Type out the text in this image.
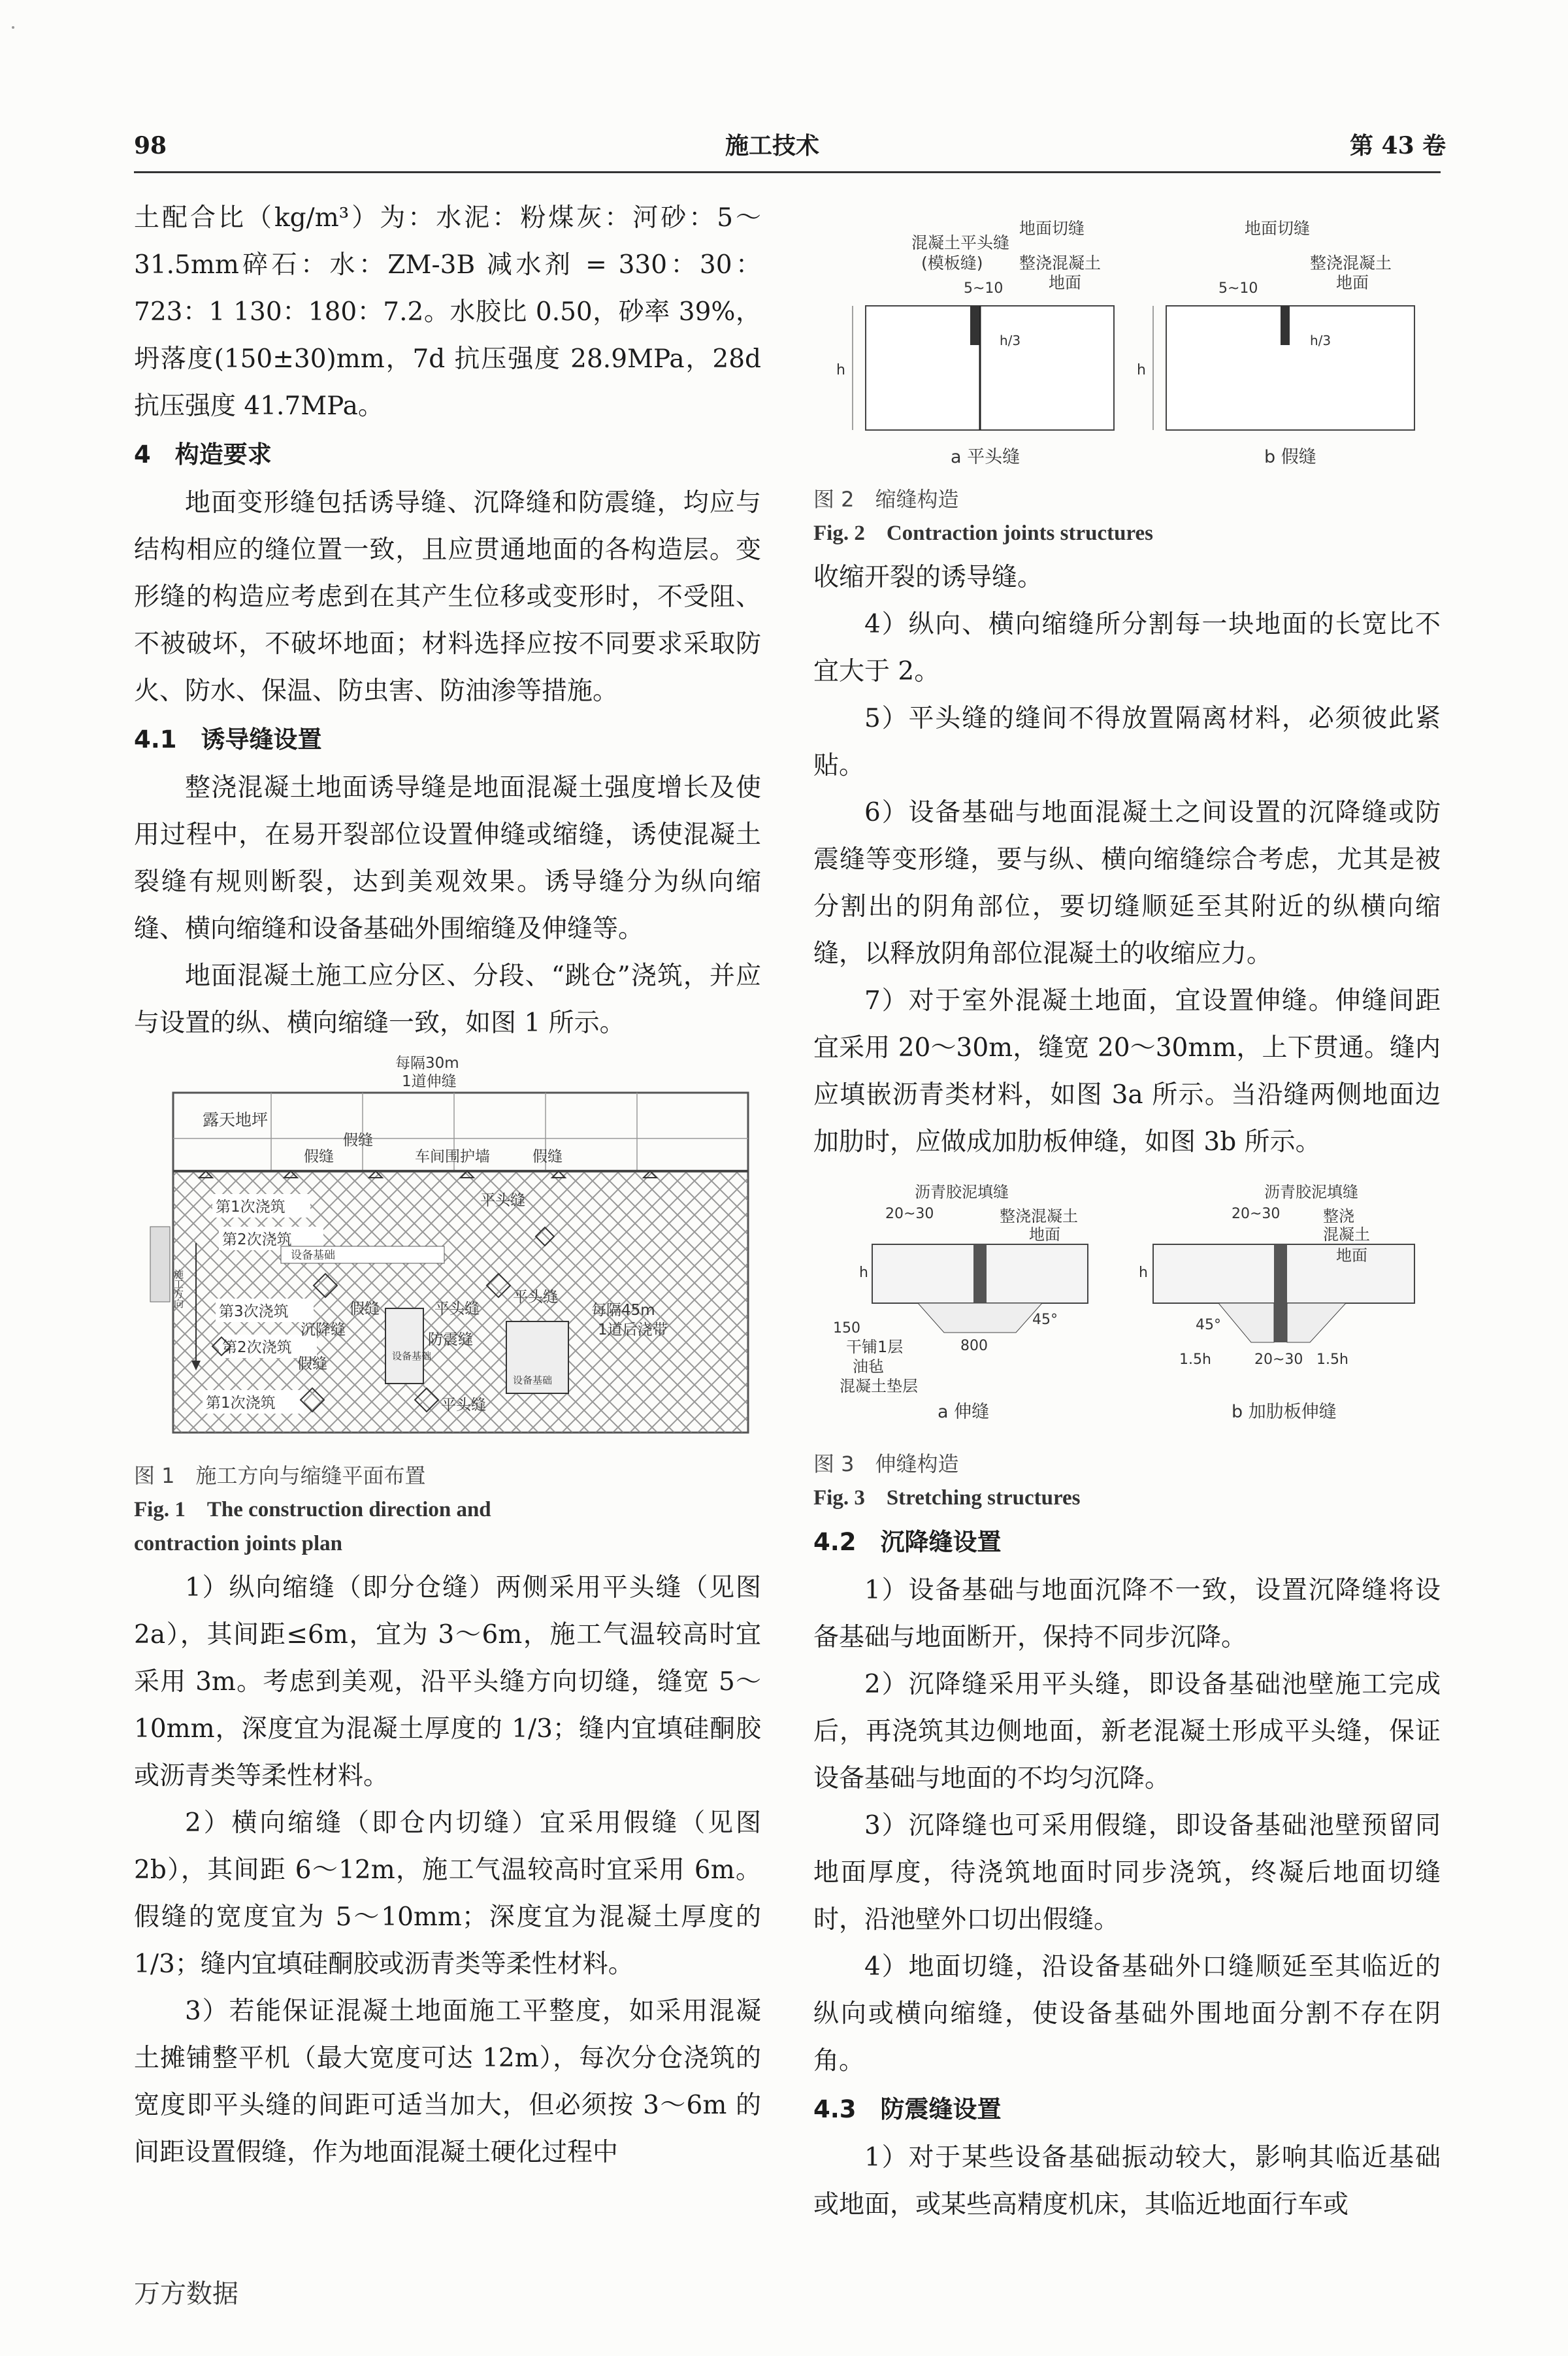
98	施工技术	第 43 卷

土配合比（kg/m³）为：水泥：粉煤灰：河砂：5～31.5mm碎石：水：ZM-3B 减水剂 = 330：30：723：1 130：180：7.2。水胶比 0.50，砂率 39%，坍落度(150±30)mm，7d 抗压强度 28.9MPa，28d 抗压强度 41.7MPa。

4　构造要求

地面变形缝包括诱导缝、沉降缝和防震缝，均应与结构相应的缝位置一致，且应贯通地面的各构造层。变形缝的构造应考虑到在其产生位移或变形时，不受阻、不被破坏，不破坏地面；材料选择应按不同要求采取防火、防水、保温、防虫害、防油渗等措施。

4.1　诱导缝设置

整浇混凝土地面诱导缝是地面混凝土强度增长及使用过程中，在易开裂部位设置伸缝或缩缝，诱使混凝土裂缝有规则断裂，达到美观效果。诱导缝分为纵向缩缝、横向缩缝和设备基础外围缩缝及伸缝等。

地面混凝土施工应分区、分段、“跳仓”浇筑，并应与设置的纵、横向缩缝一致，如图 1 所示。

设备基础
设备基础
设备基础
施工方向
每隔30m
1道伸缝
露天地坪
假缝
假缝	车间围护墙	假缝
第1次浇筑	平头缝
第2次浇筑
第3次浇筑	假缝	平头缝
平头缝
每隔45m
1道后浇带
沉降缝
防震缝
第2次浇筑
假缝
第1次浇筑	平头缝

图 1　施工方向与缩缝平面布置

Fig. 1　The construction direction and

contraction joints plan

1）纵向缩缝（即分仓缝）两侧采用平头缝（见图 2a），其间距≤6m，宜为 3～6m，施工气温较高时宜采用 3m。考虑到美观，沿平头缝方向切缝，缝宽 5～10mm，深度宜为混凝土厚度的 1/3；缝内宜填硅酮胶或沥青类等柔性材料。

2）横向缩缝（即仓内切缝）宜采用假缝（见图 2b），其间距 6～12m，施工气温较高时宜采用 6m。假缝的宽度宜为 5～10mm；深度宜为混凝土厚度的 1/3；缝内宜填硅酮胶或沥青类等柔性材料。

3）若能保证混凝土地面施工平整度，如采用混凝土摊铺整平机（最大宽度可达 12m），每次分仓浇筑的宽度即平头缝的间距可适当加大，但必须按 3～6m 的间距设置假缝，作为地面混凝土硬化过程中

h
h/3
混凝土平头缝
(模板缝)
地面切缝
5~10
整浇混凝土
地面
a 平头缝
h
h/3
地面切缝
5~10
整浇混凝土
地面
b 假缝

图 2　缩缝构造

Fig. 2　Contraction joints structures

收缩开裂的诱导缝。

4）纵向、横向缩缝所分割每一块地面的长宽比不宜大于 2。

5）平头缝的缝间不得放置隔离材料，必须彼此紧贴。

6）设备基础与地面混凝土之间设置的沉降缝或防震缝等变形缝，要与纵、横向缩缝综合考虑，尤其是被分割出的阴角部位，要切缝顺延至其附近的纵横向缩缝，以释放阴角部位混凝土的收缩应力。

7）对于室外混凝土地面，宜设置伸缝。伸缝间距宜采用 20～30m，缝宽 20～30mm，上下贯通。缝内应填嵌沥青类材料，如图 3a 所示。当沿缝两侧地面边加肋时，应做成加肋板伸缝，如图 3b 所示。

沥青胶泥填缝
20~30	整浇混凝土
地面
h
150
800
45°
干铺1层
油毡
混凝土垫层
a 伸缝
沥青胶泥填缝
20~30	整浇
混凝土
地面
h
45°
1.5h	20~30 1.5h
b 加肋板伸缝

图 3　伸缝构造

Fig. 3　Stretching structures

4.2　沉降缝设置

1）设备基础与地面沉降不一致，设置沉降缝将设备基础与地面断开，保持不同步沉降。

2）沉降缝采用平头缝，即设备基础池壁施工完成后，再浇筑其边侧地面，新老混凝土形成平头缝，保证设备基础与地面的不均匀沉降。

3）沉降缝也可采用假缝，即设备基础池壁预留同地面厚度，待浇筑地面时同步浇筑，终凝后地面切缝时，沿池壁外口切出假缝。

4）地面切缝，沿设备基础外口缝顺延至其临近的纵向或横向缩缝，使设备基础外围地面分割不存在阴角。

4.3　防震缝设置

1）对于某些设备基础振动较大，影响其临近基础或地面，或某些高精度机床，其临近地面行车或

万方数据
